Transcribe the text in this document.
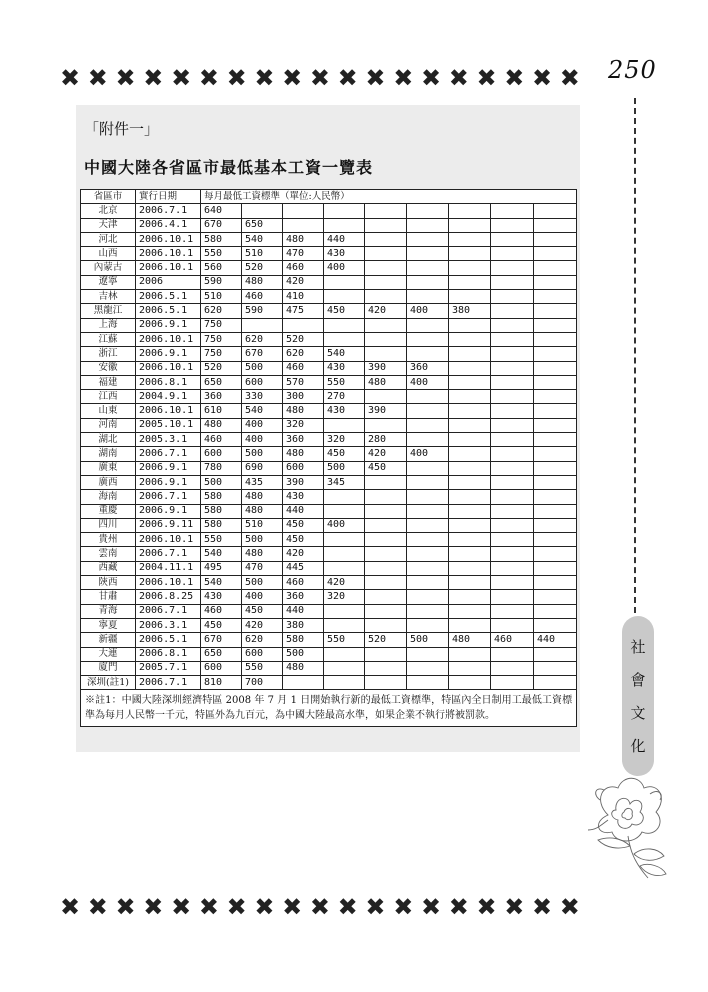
✖ ✖ ✖ ✖ ✖ ✖ ✖ ✖ ✖ ✖ ✖ ✖ ✖ ✖ ✖ ✖ ✖ ✖ ✖
✖ ✖ ✖ ✖ ✖ ✖ ✖ ✖ ✖ ✖ ✖ ✖ ✖ ✖ ✖ ✖ ✖ ✖ ✖
250
社
會
文
化
「附件一」
中國大陸各省區市最低基本工資一覽表
省區市	實行日期	每月最低工資標準（單位:人民幣）								
北京	2006.7.1	640								
天津	2006.4.1	670	650							
河北	2006.10.1	580	540	480	440					
山西	2006.10.1	550	510	470	430					
內蒙古	2006.10.1	560	520	460	400					
遼寧	2006	590	480	420						
吉林	2006.5.1	510	460	410						
黑龍江	2006.5.1	620	590	475	450	420	400	380		
上海	2006.9.1	750								
江蘇	2006.10.1	750	620	520						
浙江	2006.9.1	750	670	620	540					
安徽	2006.10.1	520	500	460	430	390	360			
福建	2006.8.1	650	600	570	550	480	400			
江西	2004.9.1	360	330	300	270					
山東	2006.10.1	610	540	480	430	390				
河南	2005.10.1	480	400	320						
湖北	2005.3.1	460	400	360	320	280				
湖南	2006.7.1	600	500	480	450	420	400			
廣東	2006.9.1	780	690	600	500	450				
廣西	2006.9.1	500	435	390	345					
海南	2006.7.1	580	480	430						
重慶	2006.9.1	580	480	440						
四川	2006.9.11	580	510	450	400					
貴州	2006.10.1	550	500	450						
雲南	2006.7.1	540	480	420						
西藏	2004.11.1	495	470	445						
陝西	2006.10.1	540	500	460	420					
甘肅	2006.8.25	430	400	360	320					
青海	2006.7.1	460	450	440						
寧夏	2006.3.1	450	420	380						
新疆	2006.5.1	670	620	580	550	520	500	480	460	440
大連	2006.8.1	650	600	500						
廈門	2005.7.1	600	550	480						
深圳(註1)	2006.7.1	810	700							
※註1：中國大陸深圳經濟特區 2008 年 7 月 1 日開始執行新的最低工資標準，特區內全日制用工最低工資標準為每月人民幣一千元，特區外為九百元，為中國大陸最高水準，如果企業不執行將被罰款。										
